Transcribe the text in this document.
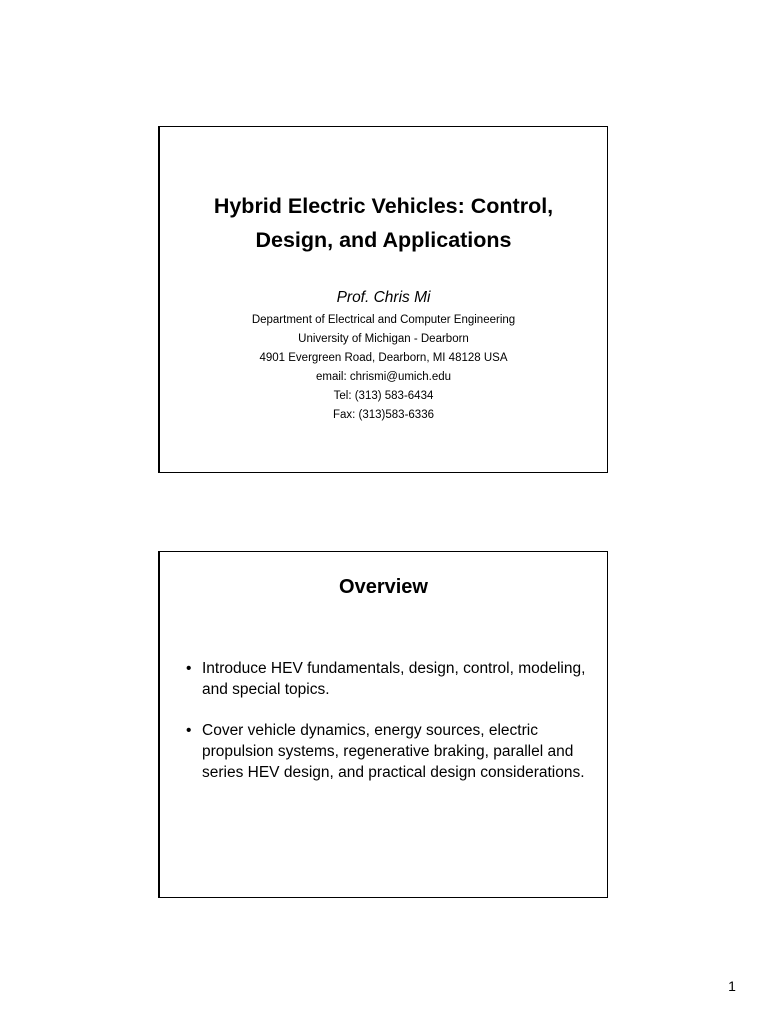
Hybrid Electric Vehicles: Control,
Design, and Applications
Prof. Chris Mi
Department of Electrical and Computer Engineering
University of Michigan - Dearborn
4901 Evergreen Road, Dearborn, MI 48128 USA
email: chrismi@umich.edu
Tel: (313) 583-6434
Fax: (313)583-6336
Overview
• Introduce HEV fundamentals, design, control, modeling, and special topics.
• Cover vehicle dynamics, energy sources, electric propulsion systems, regenerative braking, parallel and series HEV design, and practical design considerations.
1
